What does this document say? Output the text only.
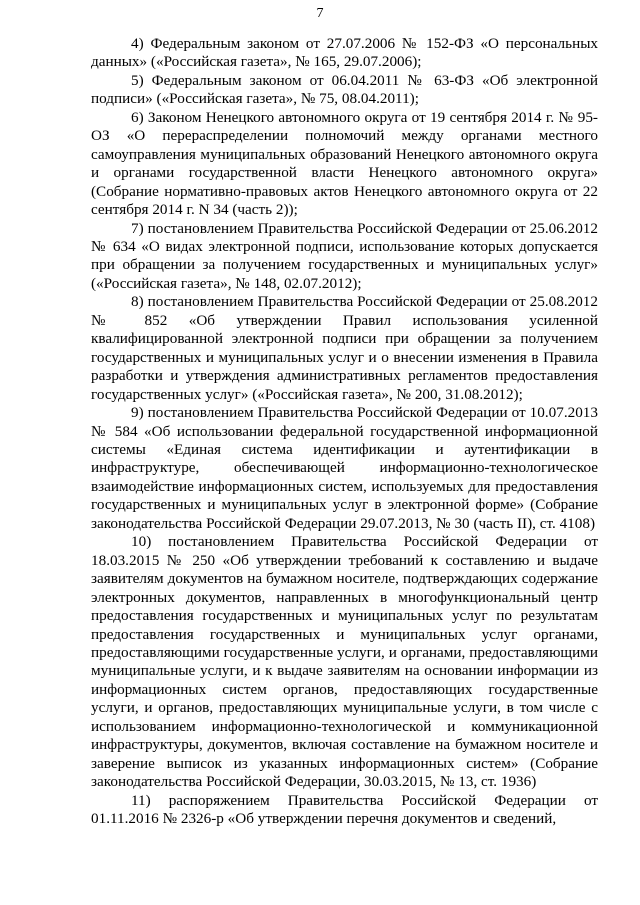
7

4) Федеральным законом от 27.07.2006 № 152-ФЗ «О персональных данных» («Российская газета», № 165, 29.07.2006);

5) Федеральным законом от 06.04.2011 № 63-ФЗ «Об электронной подписи» («Российская газета», № 75, 08.04.2011);

6) Законом Ненецкого автономного округа от 19 сентября 2014 г. № 95-ОЗ «О перераспределении полномочий между органами местного самоуправления муниципальных образований Ненецкого автономного округа и органами государственной власти Ненецкого автономного округа» (Собрание нормативно-правовых актов Ненецкого автономного округа от 22 сентября 2014 г. N 34 (часть 2));

7) постановлением Правительства Российской Федерации от 25.06.2012 № 634 «О видах электронной подписи, использование которых допускается при обращении за получением государственных и муниципальных услуг» («Российская газета», № 148, 02.07.2012);

8) постановлением Правительства Российской Федерации от 25.08.2012 № 852 «Об утверждении Правил использования усиленной квалифицированной электронной подписи при обращении за получением государственных и муниципальных услуг и о внесении изменения в Правила разработки и утверждения административных регламентов предоставления государственных услуг» («Российская газета», № 200, 31.08.2012);

9) постановлением Правительства Российской Федерации от 10.07.2013 № 584 «Об использовании федеральной государственной информационной системы «Единая система идентификации и аутентификации в инфраструктуре, обеспечивающей информационно-технологическое взаимодействие информационных систем, используемых для предоставления государственных и муниципальных услуг в электронной форме» (Собрание законодательства Российской Федерации 29.07.2013, № 30 (часть II), ст. 4108)

10) постановлением Правительства Российской Федерации от 18.03.2015 № 250 «Об утверждении требований к составлению и выдаче заявителям документов на бумажном носителе, подтверждающих содержание электронных документов, направленных в многофункциональный центр предоставления государственных и муниципальных услуг по результатам предоставления государственных и муниципальных услуг органами, предоставляющими государственные услуги, и органами, предоставляющими муниципальные услуги, и к выдаче заявителям на основании информации из информационных систем органов, предоставляющих государственные услуги, и органов, предоставляющих муниципальные услуги, в том числе с использованием информационно-технологической и коммуникационной инфраструктуры, документов, включая составление на бумажном носителе и заверение выписок из указанных информационных систем» (Собрание законодательства Российской Федерации, 30.03.2015, № 13, ст. 1936)

11) распоряжением Правительства Российской Федерации от 01.11.2016 № 2326-р «Об утверждении перечня документов и сведений,
